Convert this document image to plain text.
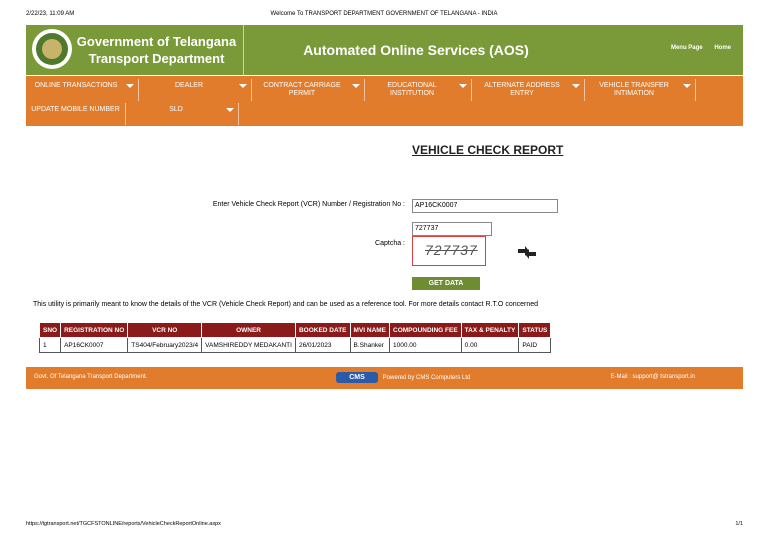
2/22/23, 11:09 AM	Welcome To TRANSPORT DEPARTMENT GOVERNMENT OF TELANGANA - INDIA
Government of Telangana
Transport Department
Automated Online Services (AOS)	Menu Page Home
ONLINE TRANSACTIONS	DEALER	CONTRACT CARRIAGE PERMIT
EDUCATIONAL INSTITUTION
ALTERNATE ADDRESS ENTRY
VEHICLE TRANSFER INTIMATION
UPDATE MOBILE NUMBER	SLD
VEHICLE CHECK REPORT
Enter Vehicle Check Report (VCR) Number / Registration No :	AP16CK0007
727737
Captcha : 727737
GET DATA
This utility is primarily meant to know the details of the VCR (Vehicle Check Report) and can be used as a reference tool. For more details contact R.T.O concerned
SNO	REGISTRATION NO	VCR NO	OWNER	BOOKED DATE	MVI NAME	COMPOUNDING FEE	TAX & PENALTY	STATUS
1	AP16CK0007	TS404/February2023/4	VAMSHIREDDY MEDAKANTI	26/01/2023	B.Shanker	1000.00	0.00	PAID
Govt. Of Telangana Transport Department.	CMS	Powered by CMS Computers Ltd	E-Mail : support@ tstransport.in
https://tgtransport.net/TGCFSTONLINE/reports/VehicleCheckReportOnline.aspx	1/1
